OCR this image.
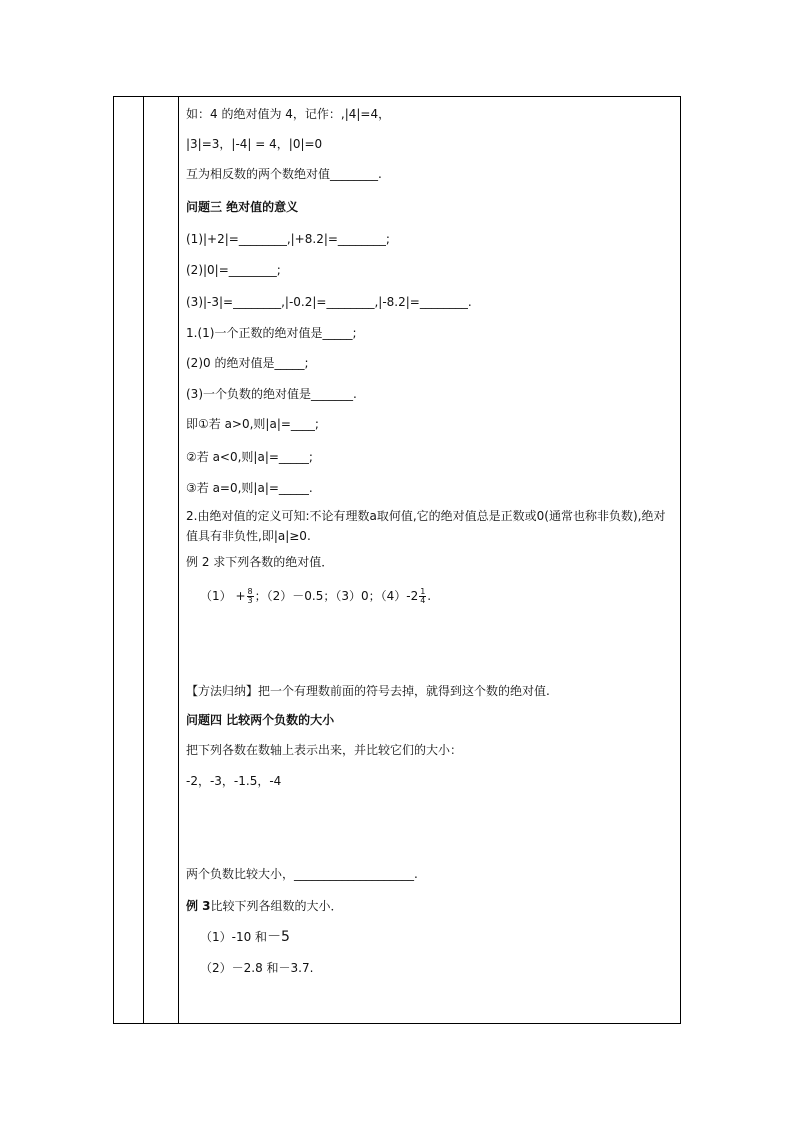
如：4 的绝对值为 4，记作：,|4|=4，
|3|=3，|-4| = 4，|0|=0
互为相反数的两个数绝对值________.
问题三 绝对值的意义
(1)|+2|=________,|+8.2|=________;
(2)|0|=________;
(3)|-3|=________,|-0.2|=________,|-8.2|=________.
1.(1)一个正数的绝对值是_____;
(2)0 的绝对值是_____;
(3)一个负数的绝对值是_______.
即①若 a>0,则|a|=____;
②若 a<0,则|a|=_____;
③若 a=0,则|a|=_____.
2.由绝对值的定义可知:不论有理数a取何值,它的绝对值总是正数或0(通常也称非负数),绝对值具有非负性,即|a|≥0.
例 2 求下列各数的绝对值．
$(1) + \frac{8}{3}$ ；（2）－0.5；（3）0；$(4)-2 \frac{1}{4}$ .
【方法归纳】把一个有理数前面的符号去掉，就得到这个数的绝对值.
问题四 比较两个负数的大小
把下列各数在数轴上表示出来，并比较它们的大小：
-2，-3，-1.5，-4
两个负数比较大小，____________________.
例 3比较下列各组数的大小．
（1）-10 和－5
（2）－2.8 和－3.7.
